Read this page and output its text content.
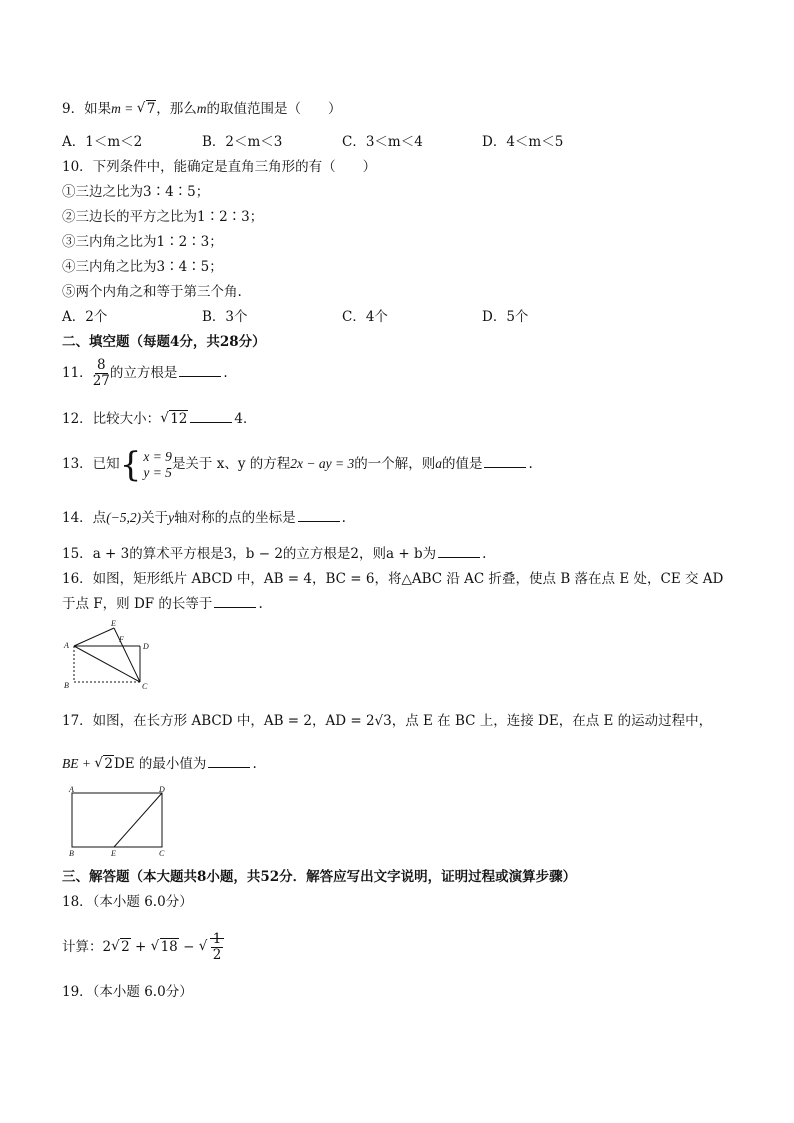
9．如果m = √ 7，那么m的取值范围是（　　）
A．1＜m＜2	B．2＜m＜3	C．3＜m＜4	D．4＜m＜5
10．下列条件中，能确定是直角三角形的有（　　）
①三边之比为3∶4∶5；
②三边长的平方之比为1∶2∶3；
③三内角之比为1∶2∶3；
④三内角之比为3∶4∶5；
⑤两个内角之和等于第三个角.
A．2个	B．3个	C．4个	D．5个
二、填空题（每题4分，共28分）
11． $\frac{8}{27}$ 的立方根是	.
12．比较大小： √ 12	4．
13．已知 { x = 9
y = 5 是关于 x、y 的方程2x − ay = 3的一个解，则a的值是	.
14．点(−5,2)关于y轴对称的点的坐标是	.
15．a + 3的算术平方根是3，b − 2的立方根是2，则a + b为	.
16．如图，矩形纸片 ABCD 中，AB = 4，BC = 6，将△ABC 沿 AC 折叠，使点 B 落在点 E 处，CE 交 AD
于点 F，则 DF 的长等于	.
A
B	C
D
E
F
17．如图，在长方形 ABCD 中，AB = 2，AD = 2√3，点 E 在 BC 上，连接 DE，在点 E 的运动过程中，
BE + √ 2DE 的最小值为	.
A
B	C
D
E
三、解答题（本大题共8小题，共52分．解答应写出文字说明，证明过程或演算步骤）
18．（本小题 6.0分）
计算：2 √ 2 + √ 18 − √ $\frac{1}{2}$
19．（本小题 6.0分）
